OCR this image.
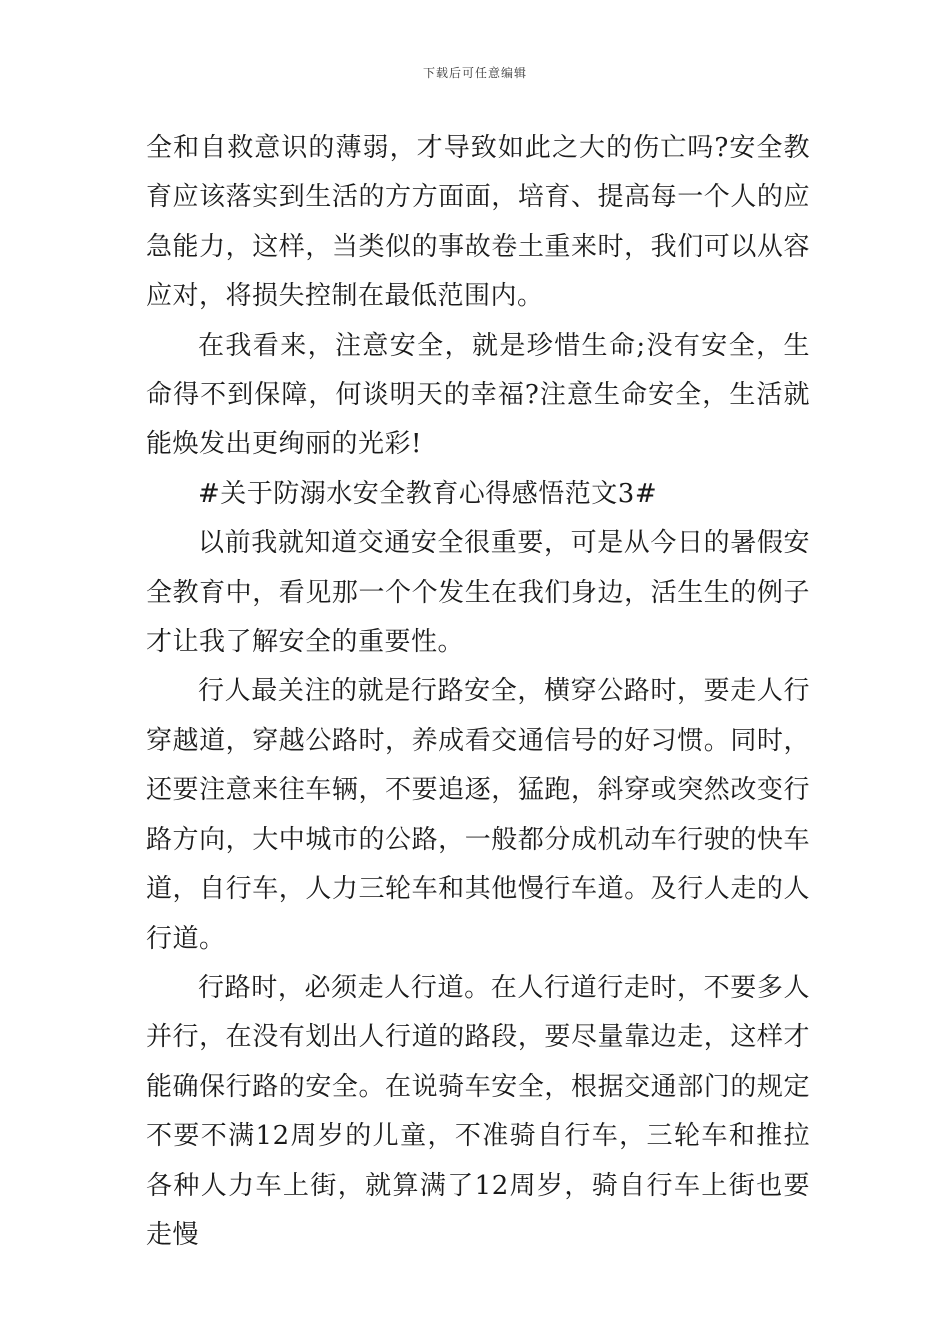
下载后可任意编辑

全和自救意识的薄弱，才导致如此之大的伤亡吗?安全教育应该落实到生活的方方面面，培育、提高每一个人的应急能力，这样，当类似的事故卷土重来时，我们可以从容应对，将损失控制在最低范围内。

在我看来，注意安全，就是珍惜生命;没有安全，生命得不到保障，何谈明天的幸福?注意生命安全，生活就能焕发出更绚丽的光彩!

#关于防溺水安全教育心得感悟范文3#

以前我就知道交通安全很重要，可是从今日的暑假安全教育中，看见那一个个发生在我们身边，活生生的例子才让我了解安全的重要性。

行人最关注的就是行路安全，横穿公路时，要走人行穿越道，穿越公路时，养成看交通信号的好习惯。同时，还要注意来往车辆，不要追逐，猛跑，斜穿或突然改变行路方向，大中城市的公路，一般都分成机动车行驶的快车道，自行车，人力三轮车和其他慢行车道。及行人走的人行道。

行路时，必须走人行道。在人行道行走时，不要多人并行，在没有划出人行道的路段，要尽量靠边走，这样才能确保行路的安全。在说骑车安全，根据交通部门的规定不要不满12周岁的儿童，不准骑自行车，三轮车和推拉各种人力车上街，就算满了12周岁，骑自行车上街也要走慢
